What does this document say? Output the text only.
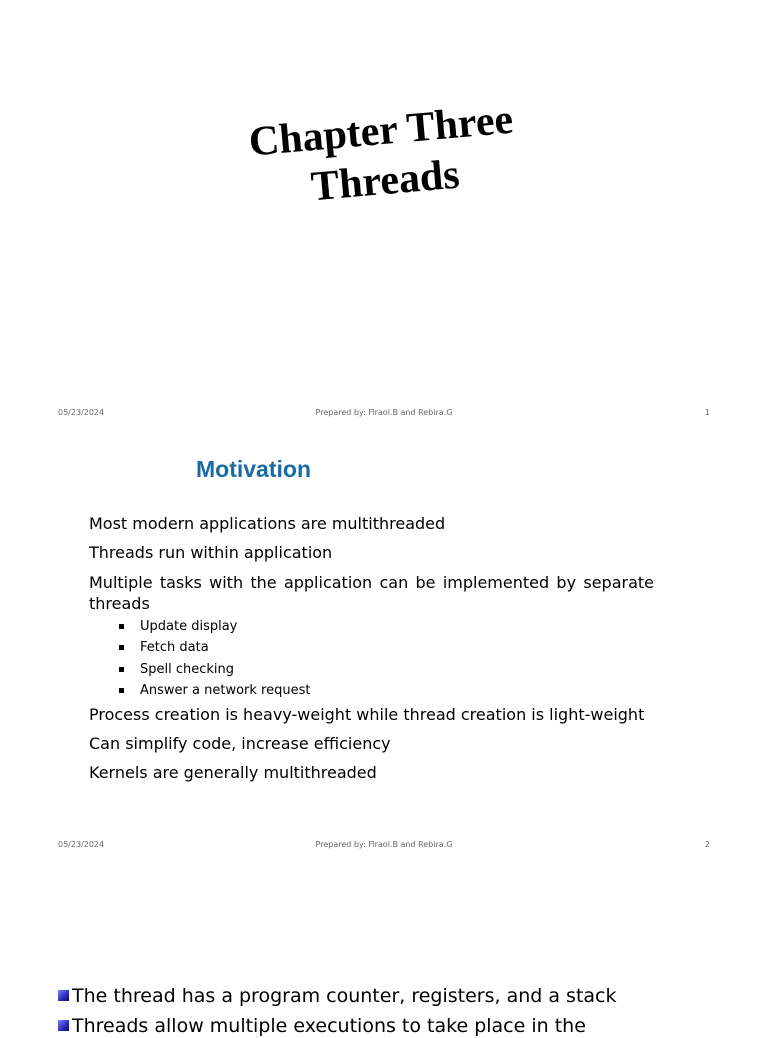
Chapter Three
Threads
05/23/2024	Prepared by: Firaol.B and Rebira.G	1
Motivation
Most modern applications are multithreaded
Threads run within application
Multiple tasks with the application can be implemented by separate threads
Update display
Fetch data
Spell checking
Answer a network request
Process creation is heavy-weight while thread creation is light-weight
Can simplify code, increase efficiency
Kernels are generally multithreaded
05/23/2024	Prepared by: Firaol.B and Rebira.G	2
The thread has a program counter, registers, and a stack
Threads allow multiple executions to take place in the
